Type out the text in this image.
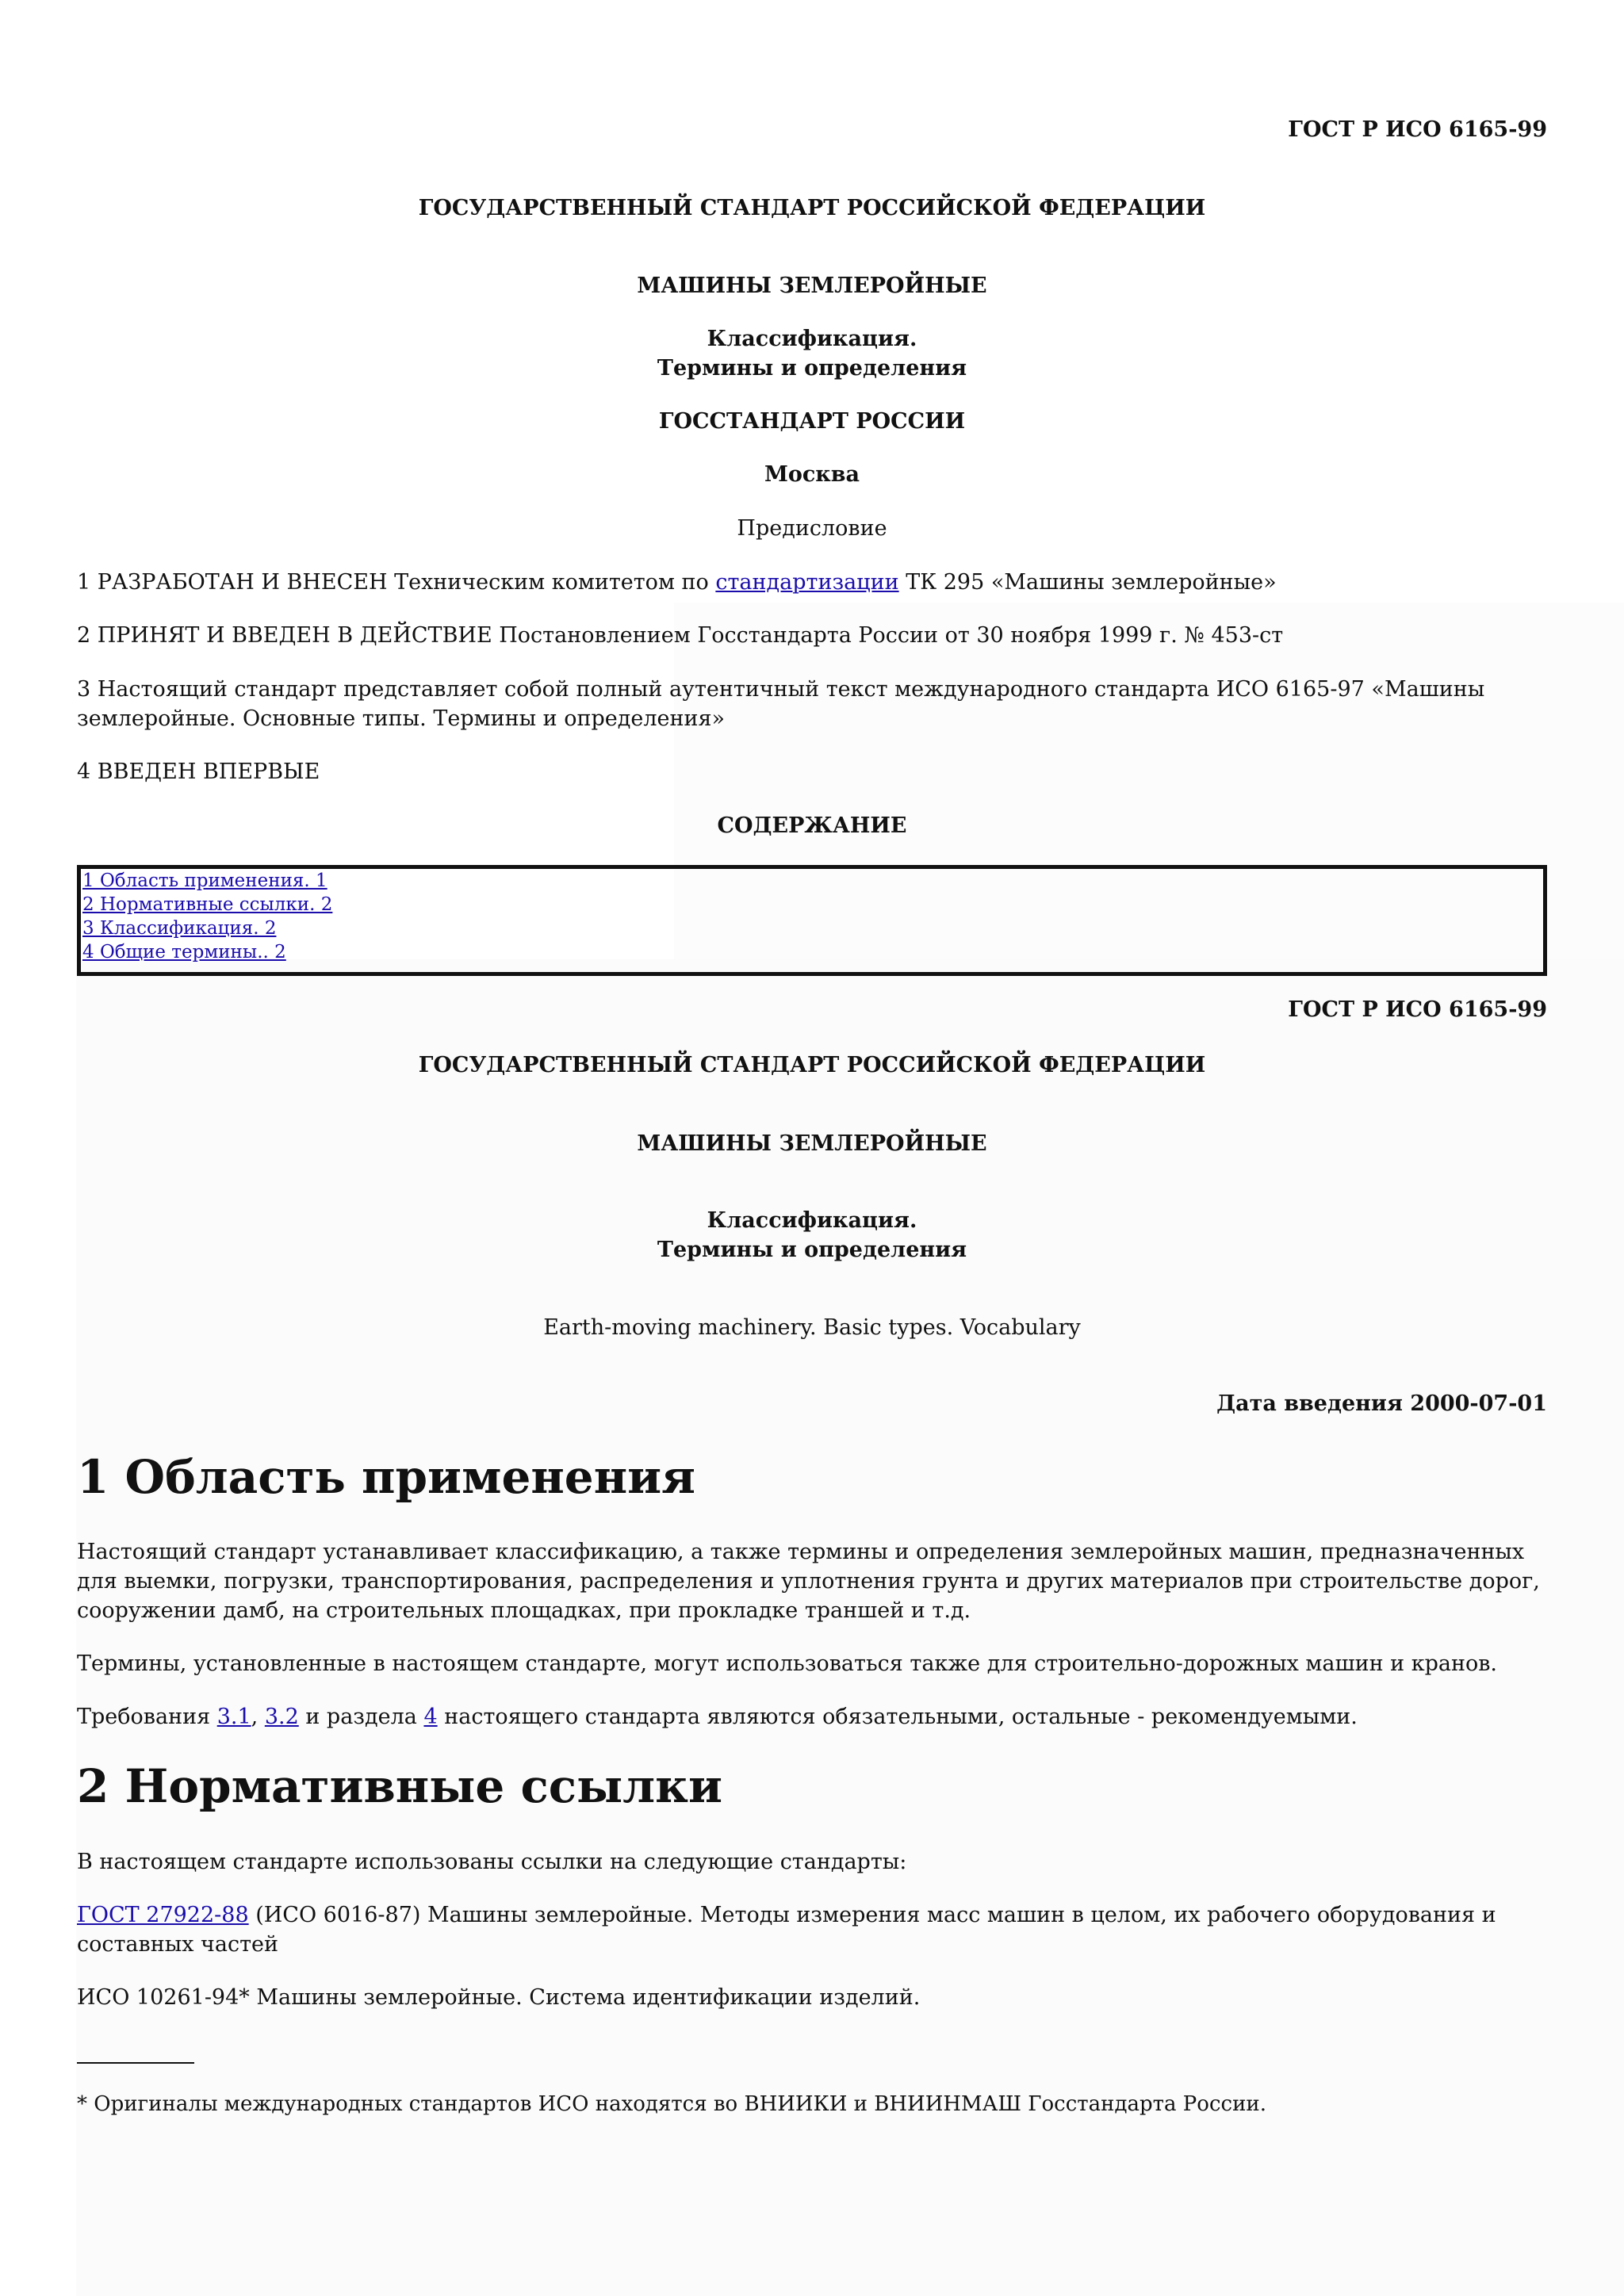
ГОСТ Р ИСО 6165-99
ГОСУДАРСТВЕННЫЙ СТАНДАРТ РОССИЙСКОЙ ФЕДЕРАЦИИ
МАШИНЫ ЗЕМЛЕРОЙНЫЕ
Классификация.
Термины и определения
ГОССТАНДАРТ РОССИИ
Москва
Предисловие
1 РАЗРАБОТАН И ВНЕСЕН Техническим комитетом по стандартизации ТК 295 «Машины землеройные»
2 ПРИНЯТ И ВВЕДЕН В ДЕЙСТВИЕ Постановлением Госстандарта России от 30 ноября 1999 г. № 453-ст
3 Настоящий стандарт представляет собой полный аутентичный текст международного стандарта ИСО 6165-97 «Машины землеройные. Основные типы. Термины и определения»
4 ВВЕДЕН ВПЕРВЫЕ
СОДЕРЖАНИЕ
1 Область применения. 1
2 Нормативные ссылки. 2
3 Классификация. 2
4 Общие термины.. 2
ГОСТ Р ИСО 6165-99
ГОСУДАРСТВЕННЫЙ СТАНДАРТ РОССИЙСКОЙ ФЕДЕРАЦИИ
МАШИНЫ ЗЕМЛЕРОЙНЫЕ
Классификация.
Термины и определения
Earth-moving machinery. Basic types. Vocabulary
Дата введения 2000-07-01
1 Область применения
Настоящий стандарт устанавливает классификацию, а также термины и определения землеройных машин, предназначенных для выемки, погрузки, транспортирования, распределения и уплотнения грунта и других материалов при строительстве дорог, сооружении дамб, на строительных площадках, при прокладке траншей и т.д.
Термины, установленные в настоящем стандарте, могут использоваться также для строительно-дорожных машин и кранов.
Требования 3.1, 3.2 и раздела 4 настоящего стандарта являются обязательными, остальные - рекомендуемыми.
2 Нормативные ссылки
В настоящем стандарте использованы ссылки на следующие стандарты:
ГОСТ 27922-88 (ИСО 6016-87) Машины землеройные. Методы измерения масс машин в целом, их рабочего оборудования и составных частей
ИСО 10261-94* Машины землеройные. Система идентификации изделий.
* Оригиналы международных стандартов ИСО находятся во ВНИИКИ и ВНИИНМАШ Госстандарта России.
